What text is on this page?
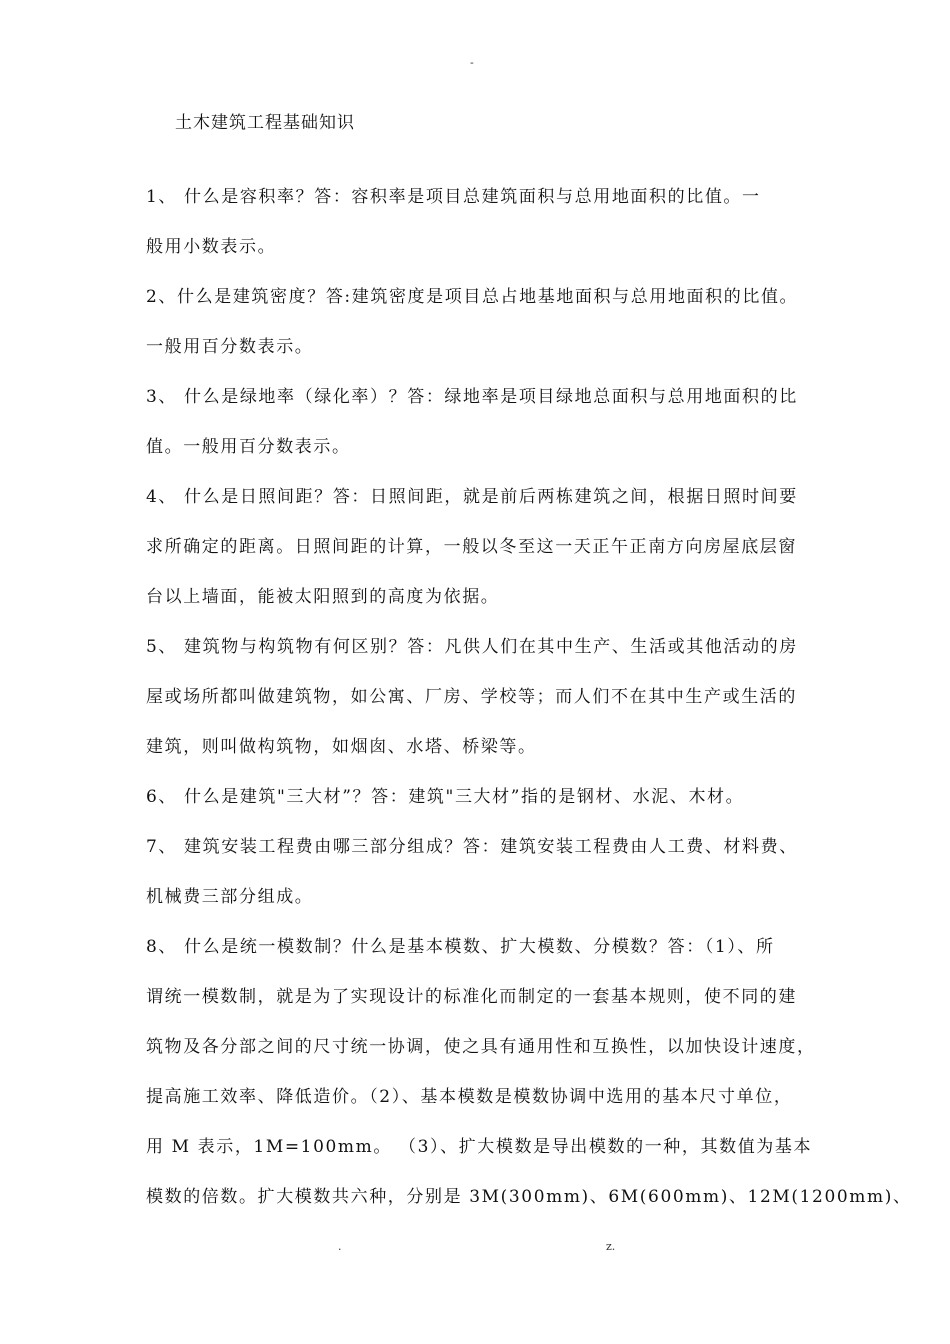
-
土木建筑工程基础知识
1、 什么是容积率？答：容积率是项目总建筑面积与总用地面积的比值。一
般用小数表示。
2、什么是建筑密度？答:建筑密度是项目总占地基地面积与总用地面积的比值。
一般用百分数表示。
3、 什么是绿地率（绿化率）？答：绿地率是项目绿地总面积与总用地面积的比
值。一般用百分数表示。
4、 什么是日照间距？答：日照间距，就是前后两栋建筑之间，根据日照时间要
求所确定的距离。日照间距的计算，一般以冬至这一天正午正南方向房屋底层窗
台以上墙面，能被太阳照到的高度为依据。
5、 建筑物与构筑物有何区别？答：凡供人们在其中生产、生活或其他活动的房
屋或场所都叫做建筑物，如公寓、厂房、学校等；而人们不在其中生产或生活的
建筑，则叫做构筑物，如烟囱、水塔、桥梁等。
6、 什么是建筑"三大材”？答：建筑"三大材”指的是钢材、水泥、木材。
7、 建筑安装工程费由哪三部分组成？答：建筑安装工程费由人工费、材料费、
机械费三部分组成。
8、 什么是统一模数制？什么是基本模数、扩大模数、分模数？答：（1）、所
谓统一模数制，就是为了实现设计的标准化而制定的一套基本规则，使不同的建
筑物及各分部之间的尺寸统一协调，使之具有通用性和互换性，以加快设计速度，
提高施工效率、降低造价。（2）、基本模数是模数协调中选用的基本尺寸单位，
用 M 表示，1M=100mm。 （3）、扩大模数是导出模数的一种，其数值为基本
模数的倍数。扩大模数共六种，分别是 3M(300mm)、6M(600mm)、12M(1200mm)、
.	z.
